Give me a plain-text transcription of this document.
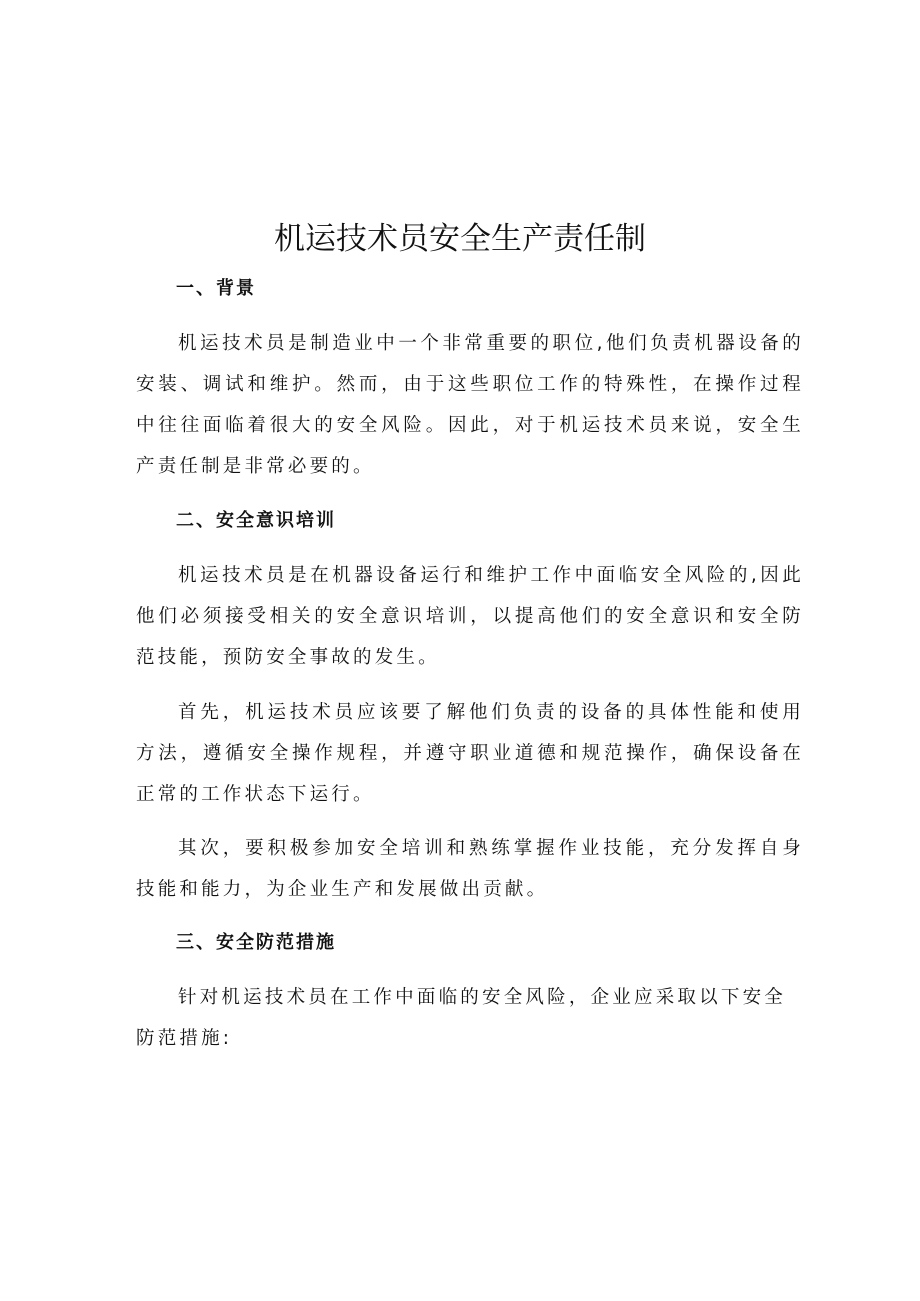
机运技术员安全生产责任制
一、背景

机运技术员是制造业中一个非常重要的职位,他们负责机器设备的安装、调试和维护。然而，由于这些职位工作的特殊性，在操作过程中往往面临着很大的安全风险。因此，对于机运技术员来说，安全生产责任制是非常必要的。

二、安全意识培训

机运技术员是在机器设备运行和维护工作中面临安全风险的,因此他们必须接受相关的安全意识培训，以提高他们的安全意识和安全防范技能，预防安全事故的发生。

首先，机运技术员应该要了解他们负责的设备的具体性能和使用方法，遵循安全操作规程，并遵守职业道德和规范操作，确保设备在正常的工作状态下运行。

其次，要积极参加安全培训和熟练掌握作业技能，充分发挥自身技能和能力，为企业生产和发展做出贡献。

三、安全防范措施

针对机运技术员在工作中面临的安全风险，企业应采取以下安全防范措施:
